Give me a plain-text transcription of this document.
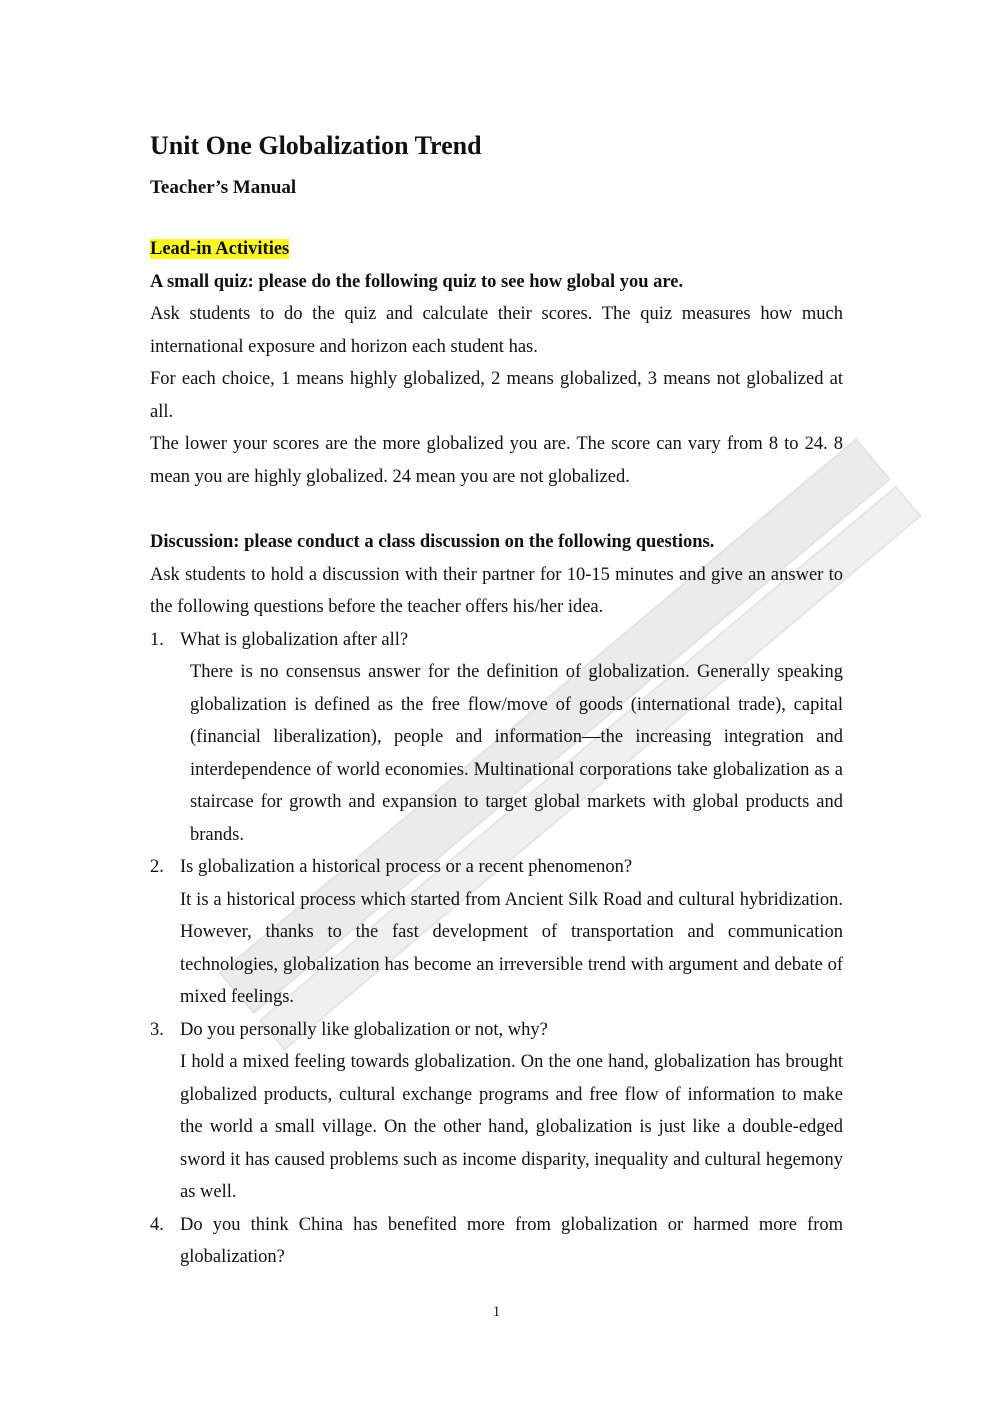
Unit One Globalization Trend
Teacher’s Manual
Lead-in Activities
A small quiz: please do the following quiz to see how global you are.

Ask students to do the quiz and calculate their scores. The quiz measures how much international exposure and horizon each student has.

For each choice, 1 means highly globalized, 2 means globalized, 3 means not globalized at all.

The lower your scores are the more globalized you are. The score can vary from 8 to 24. 8 mean you are highly globalized. 24 mean you are not globalized.

Discussion: please conduct a class discussion on the following questions.

Ask students to hold a discussion with their partner for 10-15 minutes and give an answer to the following questions before the teacher offers his/her idea.

1. What is globalization after all?
There is no consensus answer for the definition of globalization. Generally speaking globalization is defined as the free flow/move of goods (international trade), capital (financial liberalization), people and information—the increasing integration and interdependence of world economies. Multinational corporations take globalization as a staircase for growth and expansion to target global markets with global products and brands.
2. Is globalization a historical process or a recent phenomenon?
It is a historical process which started from Ancient Silk Road and cultural hybridization. However, thanks to the fast development of transportation and communication technologies, globalization has become an irreversible trend with argument and debate of mixed feelings.
3. Do you personally like globalization or not, why?
I hold a mixed feeling towards globalization. On the one hand, globalization has brought globalized products, cultural exchange programs and free flow of information to make the world a small village. On the other hand, globalization is just like a double-edged sword it has caused problems such as income disparity, inequality and cultural hegemony as well.
4. Do you think China has benefited more from globalization or harmed more from globalization?
1
